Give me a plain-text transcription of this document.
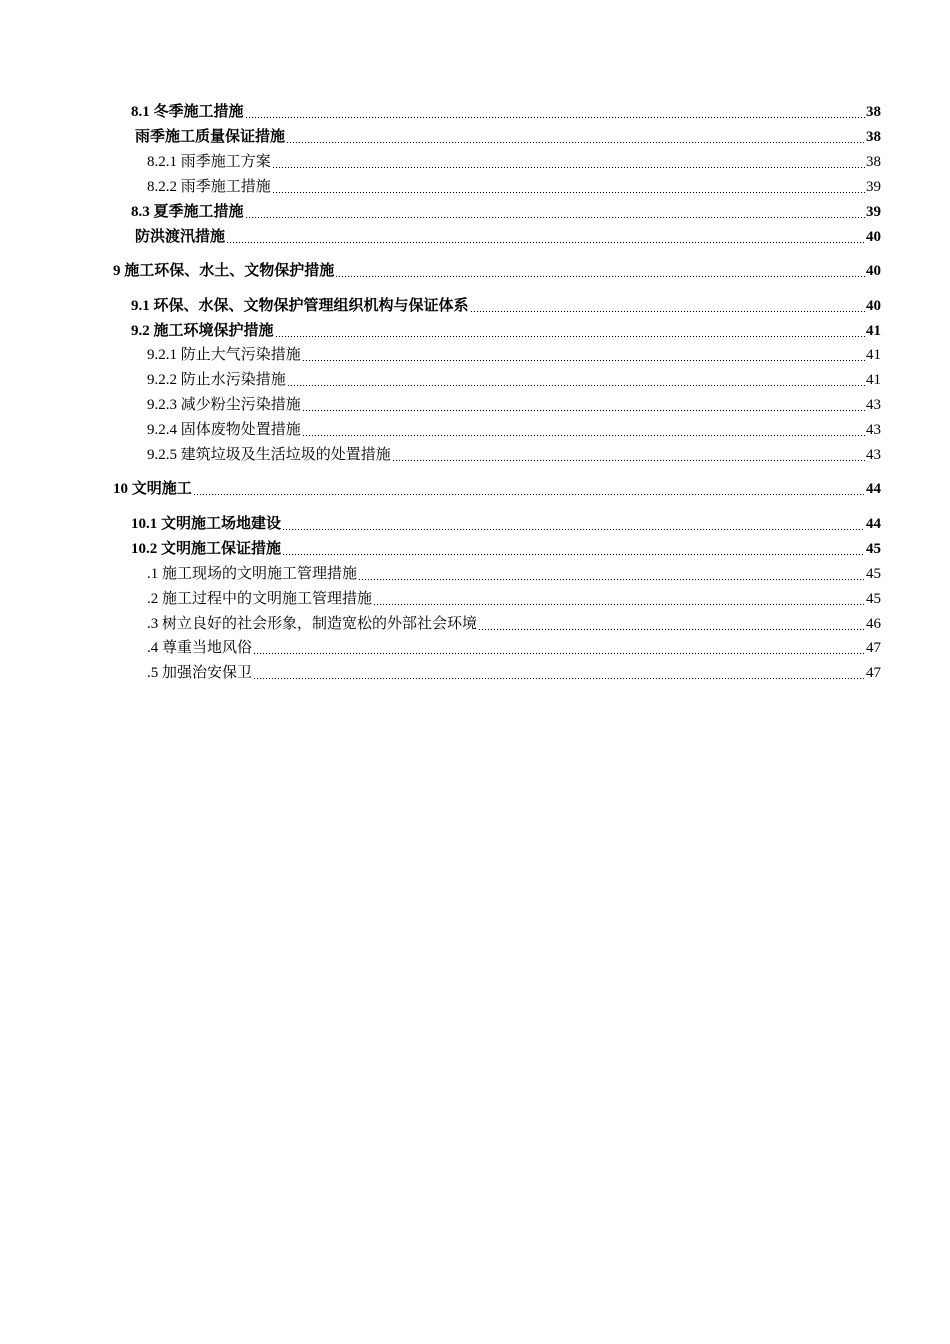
8.1 冬季施工措施	38
雨季施工质量保证措施	38
8.2.1 雨季施工方案	38
8.2.2 雨季施工措施	39
8.3 夏季施工措施	39
防洪渡汛措施	40
9 施工环保、水土、文物保护措施	40
9.1 环保、水保、文物保护管理组织机构与保证体系	40
9.2 施工环境保护措施	41
9.2.1 防止大气污染措施	41
9.2.2 防止水污染措施	41
9.2.3 减少粉尘污染措施	43
9.2.4 固体废物处置措施	43
9.2.5 建筑垃圾及生活垃圾的处置措施	43
10 文明施工	44
10.1 文明施工场地建设	44
10.2 文明施工保证措施	45
.1 施工现场的文明施工管理措施	45
.2 施工过程中的文明施工管理措施	45
.3 树立良好的社会形象，制造宽松的外部社会环境	46
.4 尊重当地风俗	47
.5 加强治安保卫	47
